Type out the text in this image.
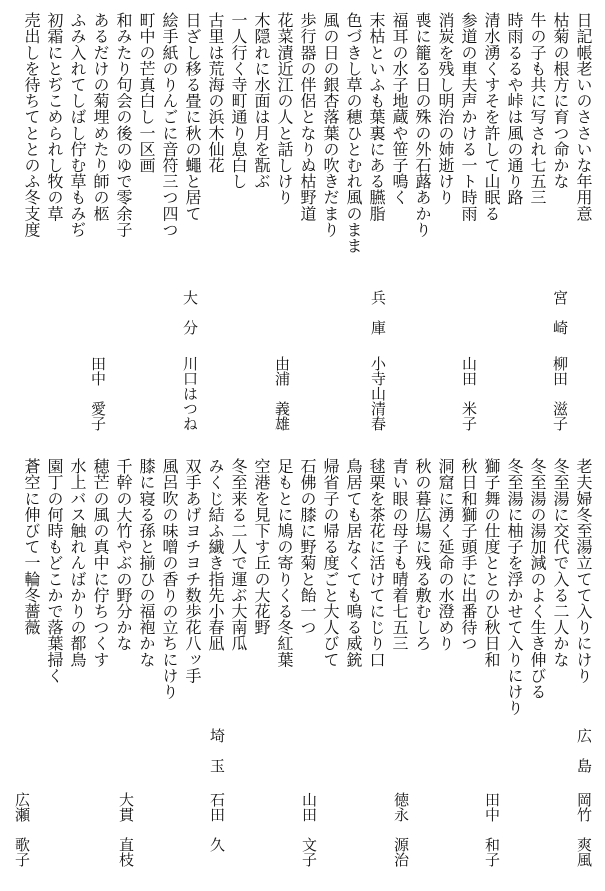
日記帳老いのささいな年用意
枯菊の根方に育つ命かな
牛の子も共に写され七五三
時雨るるや峠は風の通り路
清水湧くすそを許して山眠る
参道の車夫声かける一ト時雨
消炭を残し明治の姉逝けり
喪に籠る日の殊の外石蕗あかり
福耳の水子地蔵や笹子鳴く
末枯といふも葉裏にある臙脂
色づきし草の穂ひとむれ風のまま
風の日の銀杏落葉の吹きだまり
歩行器の伴侶となりぬ枯野道
花菜漬近江の人と話しけり
木隠れに水面は月を翫ぶ
一人行く寺町通り息白し
古里は荒海の浜木仙花
日ざし移る畳に秋の蠅と居て
絵手紙のりんごに音符三つ四つ
町中の芒真白し一区画
和みたり句会の後のゆで零余子
あるだけの菊埋めたり師の柩
ふみ入れてしばし佇む草もみぢ
初霜にとぢこめられし牧の草
売出しを待ちてととのふ冬支度
宮　崎
柳田　滋子
山田　米子
兵　庫
小寺山清春
由浦　義雄
大　分
川口はつね
田中　愛子
老夫婦冬至湯立てて入りにけり
冬至湯に交代で入る二人かな
冬至湯の湯加減のよく生き伸びる
冬至湯に柚子を浮かせて入りにけり
獅子舞の仕度ととのひ秋日和
秋日和獅子頭手に出番待つ
洞窟に湧く延命の水澄めり
秋の暮広場に残る敷むしろ
青い眼の母子も晴着七五三
毬栗を茶花に活けてにじり口
鳥居ても居なくても鳴る威銃
帰省子の帰る度ごと大人びて
石佛の膝に野菊と飴一つ
足もとに鳩の寄りくる冬紅葉
空港を見下す丘の大花野
冬至来る二人で運ぶ大南瓜
みくじ結ふ繊き指先小春凪
双手あげヨチヨチ数歩花八ッ手
風呂吹の味噌の香りの立ちにけり
膝に寝る孫と揃ひの福袍かな
千幹の大竹やぶの野分かな
穂芒の風の真中に佇ちつくす
水上バス触れんばかりの都鳥
園丁の何時もどこかで落葉掃く
蒼空に伸びて一輪冬薔薇
広　島
岡竹　爽風
田中　和子
徳永　源治
山田　文子
埼　玉
石田　久
大貫　直枝
広瀬　歌子
